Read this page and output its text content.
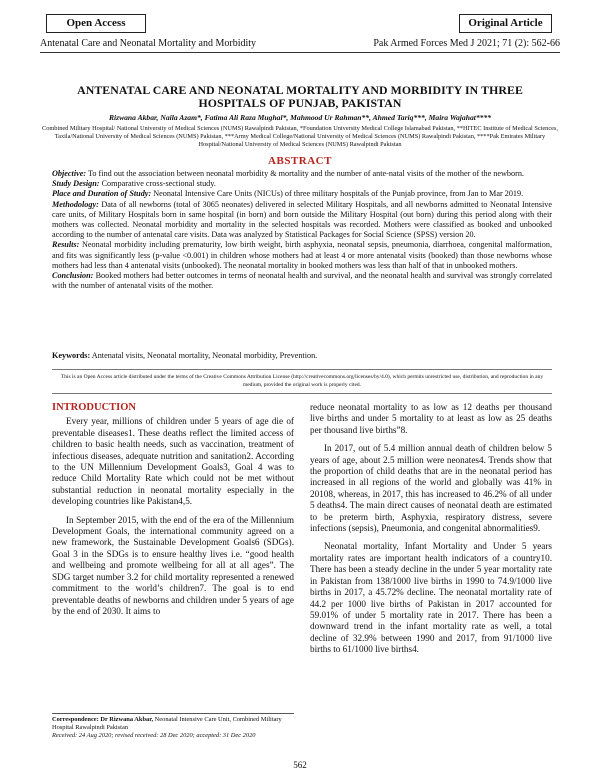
Open Access	Original Article
Antenatal Care and Neonatal Mortality and Morbidity	Pak Armed Forces Med J 2021; 71 (2): 562-66
ANTENATAL CARE AND NEONATAL MORTALITY AND MORBIDITY IN THREE HOSPITALS OF PUNJAB, PAKISTAN
Rizwana Akbar, Naila Azam*, Fatima Ali Raza Mughal*, Mahmood Ur Rahman**, Ahmed Tariq***, Maira Wajahat****
Combined Military Hospital/ National University of Medical Sciences (NUMS) Rawalpindi Pakistan, *Foundation University Medical College Islamabad Pakistan, **HITEC Institute of Medical Sciences, Taxila/National University of Medical Sciences (NUMS) Pakistan, ***Army Medical College/National University of Medical Sciences (NUMS) Rawalpindi Pakistan, ****Pak Emirates Military Hospital/National University of Medical Sciences (NUMS) Rawalpindi Pakistan
ABSTRACT
Objective: To find out the association between neonatal morbidity & mortality and the number of ante-natal visits of the mother of the newborn.
Study Design: Comparative cross-sectional study.
Place and Duration of Study: Neonatal Intensive Care Units (NICUs) of three military hospitals of the Punjab province, from Jan to Mar 2019.
Methodology: Data of all newborns (total of 3065 neonates) delivered in selected Military Hospitals, and all newborns admitted to Neonatal Intensive care units, of Military Hospitals born in same hospital (in born) and born outside the Military Hospital (out born) during this period along with their mothers was collected. Neonatal morbidity and mortality in the selected hospitals was recorded. Mothers were classified as booked and unbooked according to the number of antenatal care visits. Data was analyzed by Statistical Packages for Social Science (SPSS) version 20.
Results: Neonatal morbidity including prematurity, low birth weight, birth asphyxia, neonatal sepsis, pneumonia, diarrhoea, congenital malformation, and fits was significantly less (p-value <0.001) in children whose mothers had at least 4 or more antenatal visits (booked) than those newborns whose mothers had less than 4 antenatal visits (unbooked). The neonatal mortality in booked mothers was less than half of that in unbooked mothers.
Conclusion: Booked mothers had better outcomes in terms of neonatal health and survival, and the neonatal health and survival was strongly correlated with the number of antenatal visits of the mother.
Keywords: Antenatal visits, Neonatal mortality, Neonatal morbidity, Prevention.
This is an Open Access article distributed under the terms of the Creative Commons Attribution License (http://creativecommons.org/licenses/by/4.0), which permits unrestricted use, distribution, and reproduction in any medium, provided the original work is properly cited.
INTRODUCTION

Every year, millions of children under 5 years of age die of preventable diseases1. These deaths reflect the limited access of children to basic health needs, such as vaccination, treatment of infectious diseases, adequate nutrition and sanitation2. According to the UN Millennium Development Goals3, Goal 4 was to reduce Child Mortality Rate which could not be met without substantial reduction in neonatal mortality especially in the developing countries like Pakistan4,5.

In September 2015, with the end of the era of the Millennium Development Goals, the international community agreed on a new framework, the Sustainable Development Goals6 (SDGs). Goal 3 in the SDGs is to ensure healthy lives i.e. “good health and wellbeing and promote wellbeing for all at all ages”. The SDG target number 3.2 for child mortality represented a renewed commitment to the world’s children7. The goal is to end preventable deaths of newborns and children under 5 years of age by the end of 2030. It aims to

reduce neonatal mortality to as low as 12 deaths per thousand live births and under 5 mortality to at least as low as 25 deaths per thousand live births”8.

In 2017, out of 5.4 million annual death of children below 5 years of age, about 2.5 million were neonates4. Trends show that the proportion of child deaths that are in the neonatal period has increased in all regions of the world and globally was 41% in 20108, whereas, in 2017, this has increased to 46.2% of all under 5 deaths4. The main direct causes of neonatal death are estimated to be preterm birth, Asphyxia, respiratory distress, severe infections (sepsis), Pneumonia, and congenital abnormalities9.

Neonatal mortality, Infant Mortality and Under 5 years mortality rates are important health indicators of a country10. There has been a steady decline in the under 5 year mortality rate in Pakistan from 138/1000 live births in 1990 to 74.9/1000 live births in 2017, a 45.72% decline. The neonatal mortality rate of 44.2 per 1000 live births of Pakistan in 2017 accounted for 59.01% of under 5 mortality rate in 2017. There has been a downward trend in the infant mortality rate as well, a total decline of 32.9% between 1990 and 2017, from 91/1000 live births to 61/1000 live births4.

Correspondence: Dr Rizwana Akbar, Neonatal Intensive Care Unit, Combined Military Hospital Rawalpindi Pakistan
Received: 24 Aug 2020; revised received: 28 Dec 2020; accepted: 31 Dec 2020
562
